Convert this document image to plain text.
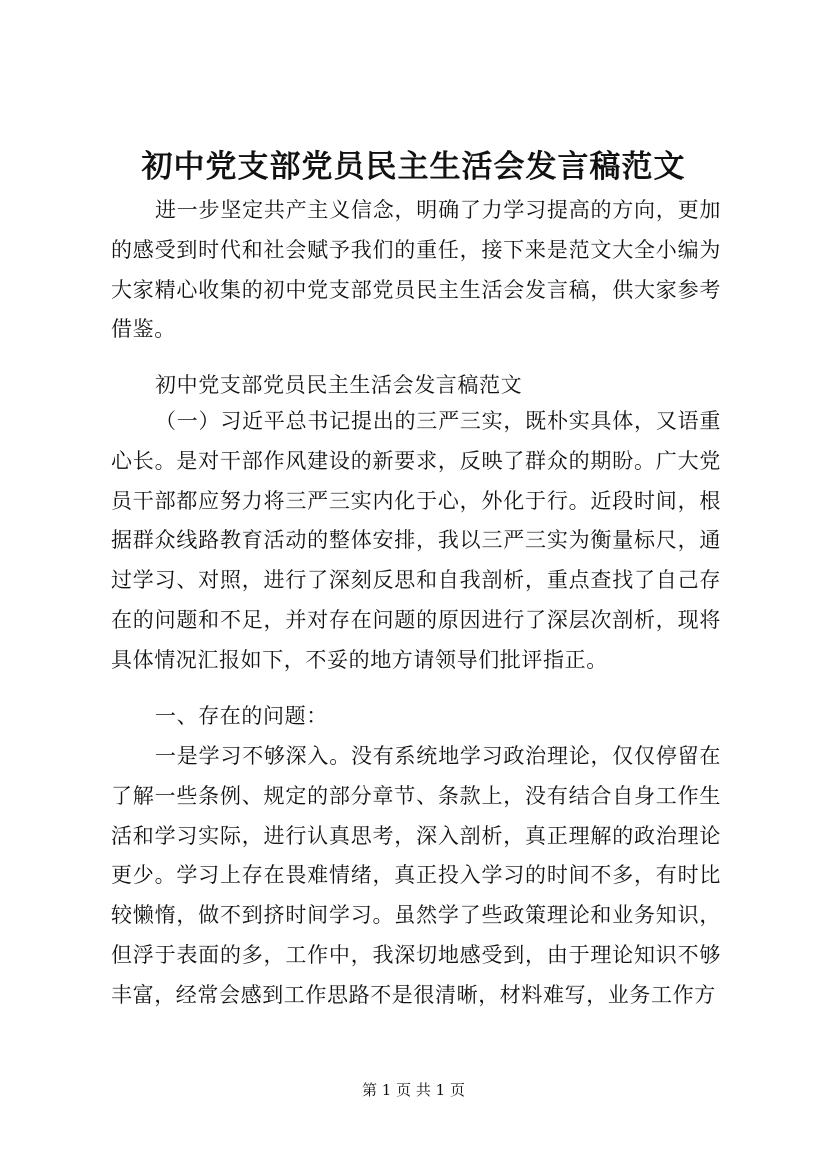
初中党支部党员民主生活会发言稿范文

进一步坚定共产主义信念，明确了力学习提高的方向，更加的感受到时代和社会赋予我们的重任，接下来是范文大全小编为大家精心收集的初中党支部党员民主生活会发言稿，供大家参考借鉴。

初中党支部党员民主生活会发言稿范文

（一）习近平总书记提出的三严三实，既朴实具体，又语重心长。是对干部作风建设的新要求，反映了群众的期盼。广大党员干部都应努力将三严三实内化于心，外化于行。近段时间，根据群众线路教育活动的整体安排，我以三严三实为衡量标尺，通过学习、对照，进行了深刻反思和自我剖析，重点查找了自己存在的问题和不足，并对存在问题的原因进行了深层次剖析，现将具体情况汇报如下，不妥的地方请领导们批评指正。

一、存在的问题：

一是学习不够深入。没有系统地学习政治理论，仅仅停留在了解一些条例、规定的部分章节、条款上，没有结合自身工作生活和学习实际，进行认真思考，深入剖析，真正理解的政治理论更少。学习上存在畏难情绪，真正投入学习的时间不多，有时比较懒惰，做不到挤时间学习。虽然学了些政策理论和业务知识，但浮于表面的多，工作中，我深切地感受到，由于理论知识不够丰富，经常会感到工作思路不是很清晰，材料难写，业务工作方

第 1 页 共 1 页
